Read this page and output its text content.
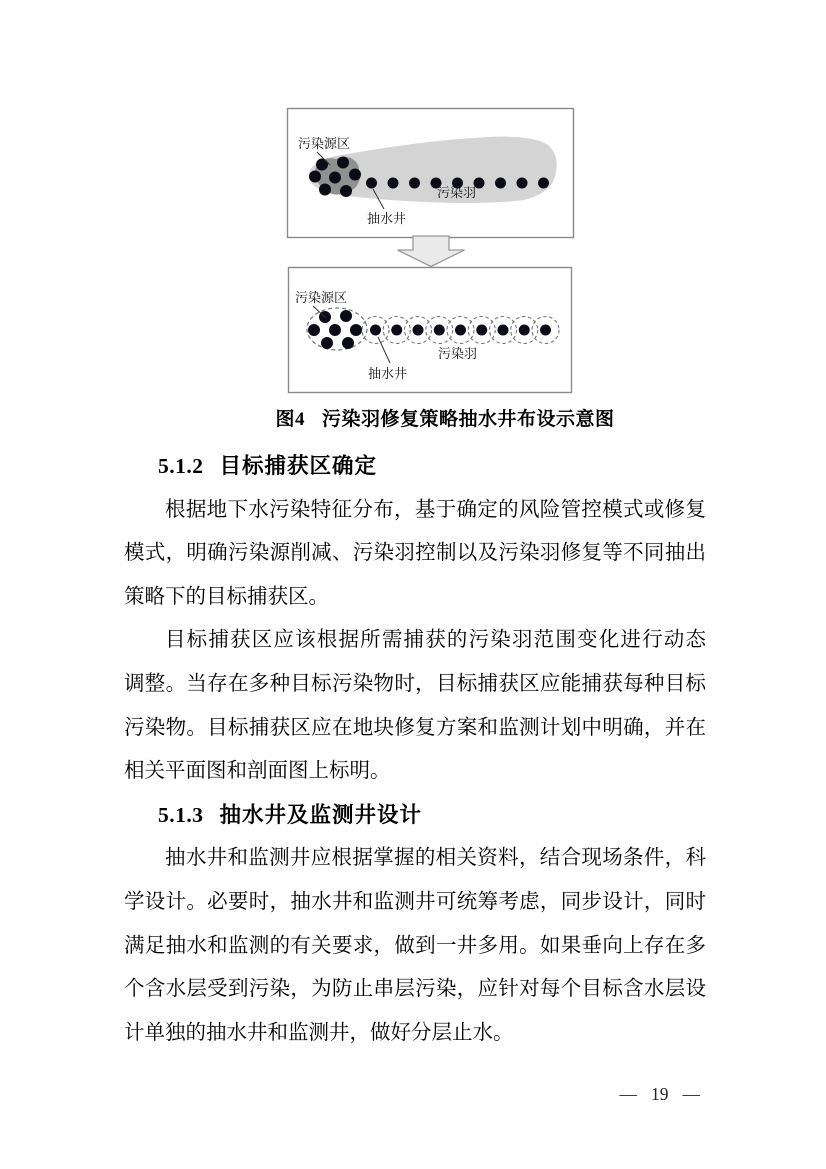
污染源区
抽水井
污染羽
污染源区
抽水井
污染羽
图4 污染羽修复策略抽水井布设示意图
5.1.2 目标捕获区确定
根据地下水污染特征分布，基于确定的风险管控模式或修复
模式，明确污染源削减、污染羽控制以及污染羽修复等不同抽出
策略下的目标捕获区。
目标捕获区应该根据所需捕获的污染羽范围变化进行动态
调整。当存在多种目标污染物时，目标捕获区应能捕获每种目标
污染物。目标捕获区应在地块修复方案和监测计划中明确，并在
相关平面图和剖面图上标明。
5.1.3 抽水井及监测井设计
抽水井和监测井应根据掌握的相关资料，结合现场条件，科
学设计。必要时，抽水井和监测井可统筹考虑，同步设计，同时
满足抽水和监测的有关要求，做到一井多用。如果垂向上存在多
个含水层受到污染，为防止串层污染，应针对每个目标含水层设
计单独的抽水井和监测井，做好分层止水。
— 19 —
